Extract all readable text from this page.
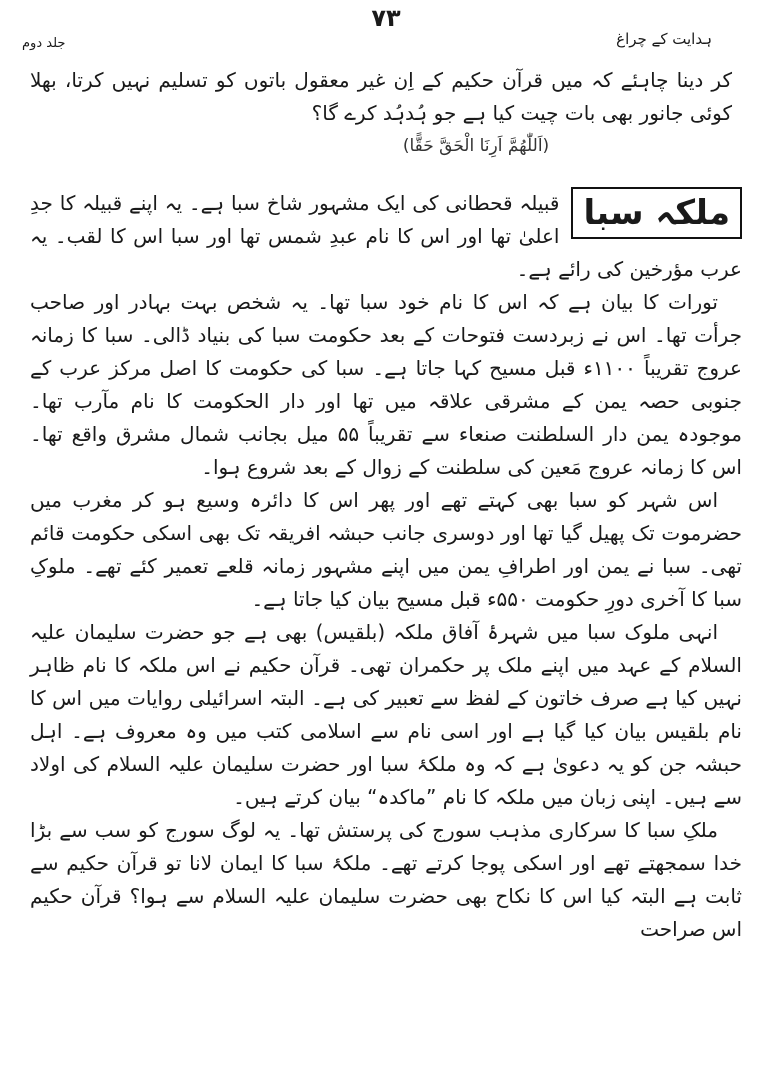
۷۳
ہدایت کے چراغ
جلد دوم

کر دینا چاہئے کہ میں قرآن حکیم کے اِن غیر معقول باتوں کو تسلیم نہیں کرتا، بھلا کوئی جانور بھی بات چیت کیا ہے جو ہُدہُد کرے گا؟

(اَللّٰھُمَّ اَرِنَا الْحَقَّ حَقًّا)

ملکہ سبا

قبیلہ قحطانی کی ایک مشہور شاخ سبا ہے۔ یہ اپنے قبیلہ کا جدِ اعلیٰ تھا اور اس کا نام عبدِ شمس تھا اور سبا اس کا لقب۔ یہ عرب مؤرخین کی رائے ہے۔

تورات کا بیان ہے کہ اس کا نام خود سبا تھا۔ یہ شخص بہت بہادر اور صاحب جرأت تھا۔ اس نے زبردست فتوحات کے بعد حکومت سبا کی بنیاد ڈالی۔ سبا کا زمانہ عروج تقریباً ۱۱۰۰ء قبل مسیح کہا جاتا ہے۔ سبا کی حکومت کا اصل مرکز عرب کے جنوبی حصہ یمن کے مشرقی علاقہ میں تھا اور دار الحکومت کا نام مآرب تھا۔ موجودہ یمن دار السلطنت صنعاء سے تقریباً ۵۵ میل بجانب شمال مشرق واقع تھا۔ اس کا زمانہ عروج مَعین کی سلطنت کے زوال کے بعد شروع ہوا۔

اس شہر کو سبا بھی کہتے تھے اور پھر اس کا دائرہ وسیع ہو کر مغرب میں حضرموت تک پھیل گیا تھا اور دوسری جانب حبشہ افریقہ تک بھی اسکی حکومت قائم تھی۔ سبا نے یمن اور اطرافِ یمن میں اپنے مشہور زمانہ قلعے تعمیر کئے تھے۔ ملوکِ سبا کا آخری دورِ حکومت ۵۵۰ء قبل مسیح بیان کیا جاتا ہے۔

انہی ملوک سبا میں شہرۂ آفاق ملکہ (بلقیس) بھی ہے جو حضرت سلیمان علیہ السلام کے عہد میں اپنے ملک پر حکمران تھی۔ قرآن حکیم نے اس ملکہ کا نام ظاہر نہیں کیا ہے صرف خاتون کے لفظ سے تعبیر کی ہے۔ البتہ اسرائیلی روایات میں اس کا نام بلقیس بیان کیا گیا ہے اور اسی نام سے اسلامی کتب میں وہ معروف ہے۔ اہل حبشہ جن کو یہ دعویٰ ہے کہ وہ ملکۂ سبا اور حضرت سلیمان علیہ السلام کی اولاد سے ہیں۔ اپنی زبان میں ملکہ کا نام ”ماکدہ“ بیان کرتے ہیں۔

ملکِ سبا کا سرکاری مذہب سورج کی پرستش تھا۔ یہ لوگ سورج کو سب سے بڑا خدا سمجھتے تھے اور اسکی پوجا کرتے تھے۔ ملکۂ سبا کا ایمان لانا تو قرآن حکیم سے ثابت ہے البتہ کیا اس کا نکاح بھی حضرت سلیمان علیہ السلام سے ہوا؟ قرآن حکیم اس صراحت
